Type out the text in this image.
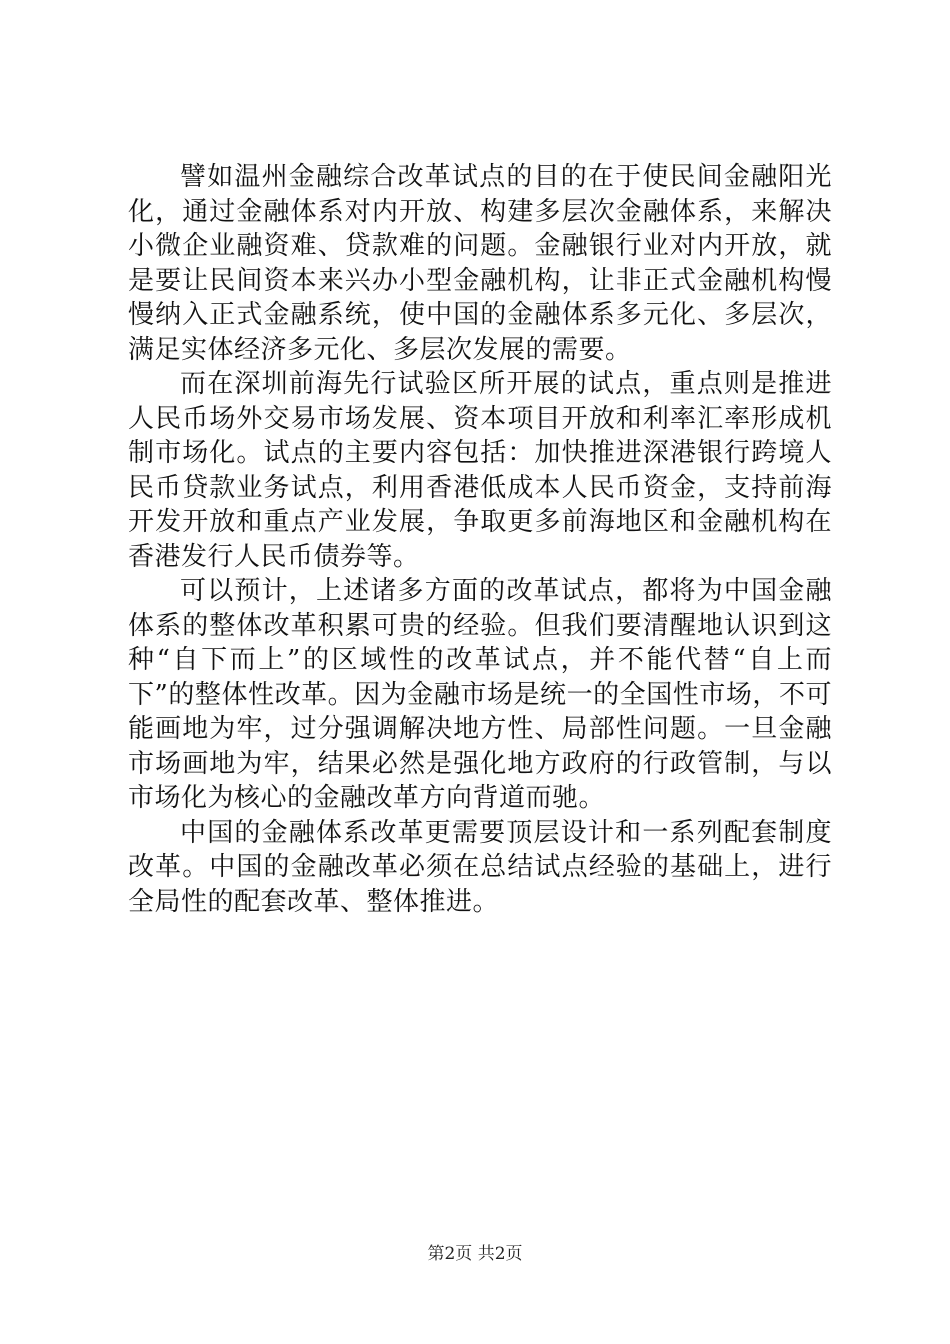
譬如温州金融综合改革试点的目的在于使民间金融阳光化，通过金融体系对内开放、构建多层次金融体系，来解决小微企业融资难、贷款难的问题。金融银行业对内开放，就是要让民间资本来兴办小型金融机构，让非正式金融机构慢慢纳入正式金融系统，使中国的金融体系多元化、多层次，满足实体经济多元化、多层次发展的需要。

而在深圳前海先行试验区所开展的试点，重点则是推进人民币场外交易市场发展、资本项目开放和利率汇率形成机制市场化。试点的主要内容包括：加快推进深港银行跨境人民币贷款业务试点，利用香港低成本人民币资金，支持前海开发开放和重点产业发展，争取更多前海地区和金融机构在香港发行人民币债券等。

可以预计，上述诸多方面的改革试点，都将为中国金融体系的整体改革积累可贵的经验。但我们要清醒地认识到这种“自下而上”的区域性的改革试点，并不能代替“自上而下”的整体性改革。因为金融市场是统一的全国性市场，不可能画地为牢，过分强调解决地方性、局部性问题。一旦金融市场画地为牢，结果必然是强化地方政府的行政管制，与以市场化为核心的金融改革方向背道而驰。

中国的金融体系改革更需要顶层设计和一系列配套制度改革。中国的金融改革必须在总结试点经验的基础上，进行全局性的配套改革、整体推进。

第2页 共2页
